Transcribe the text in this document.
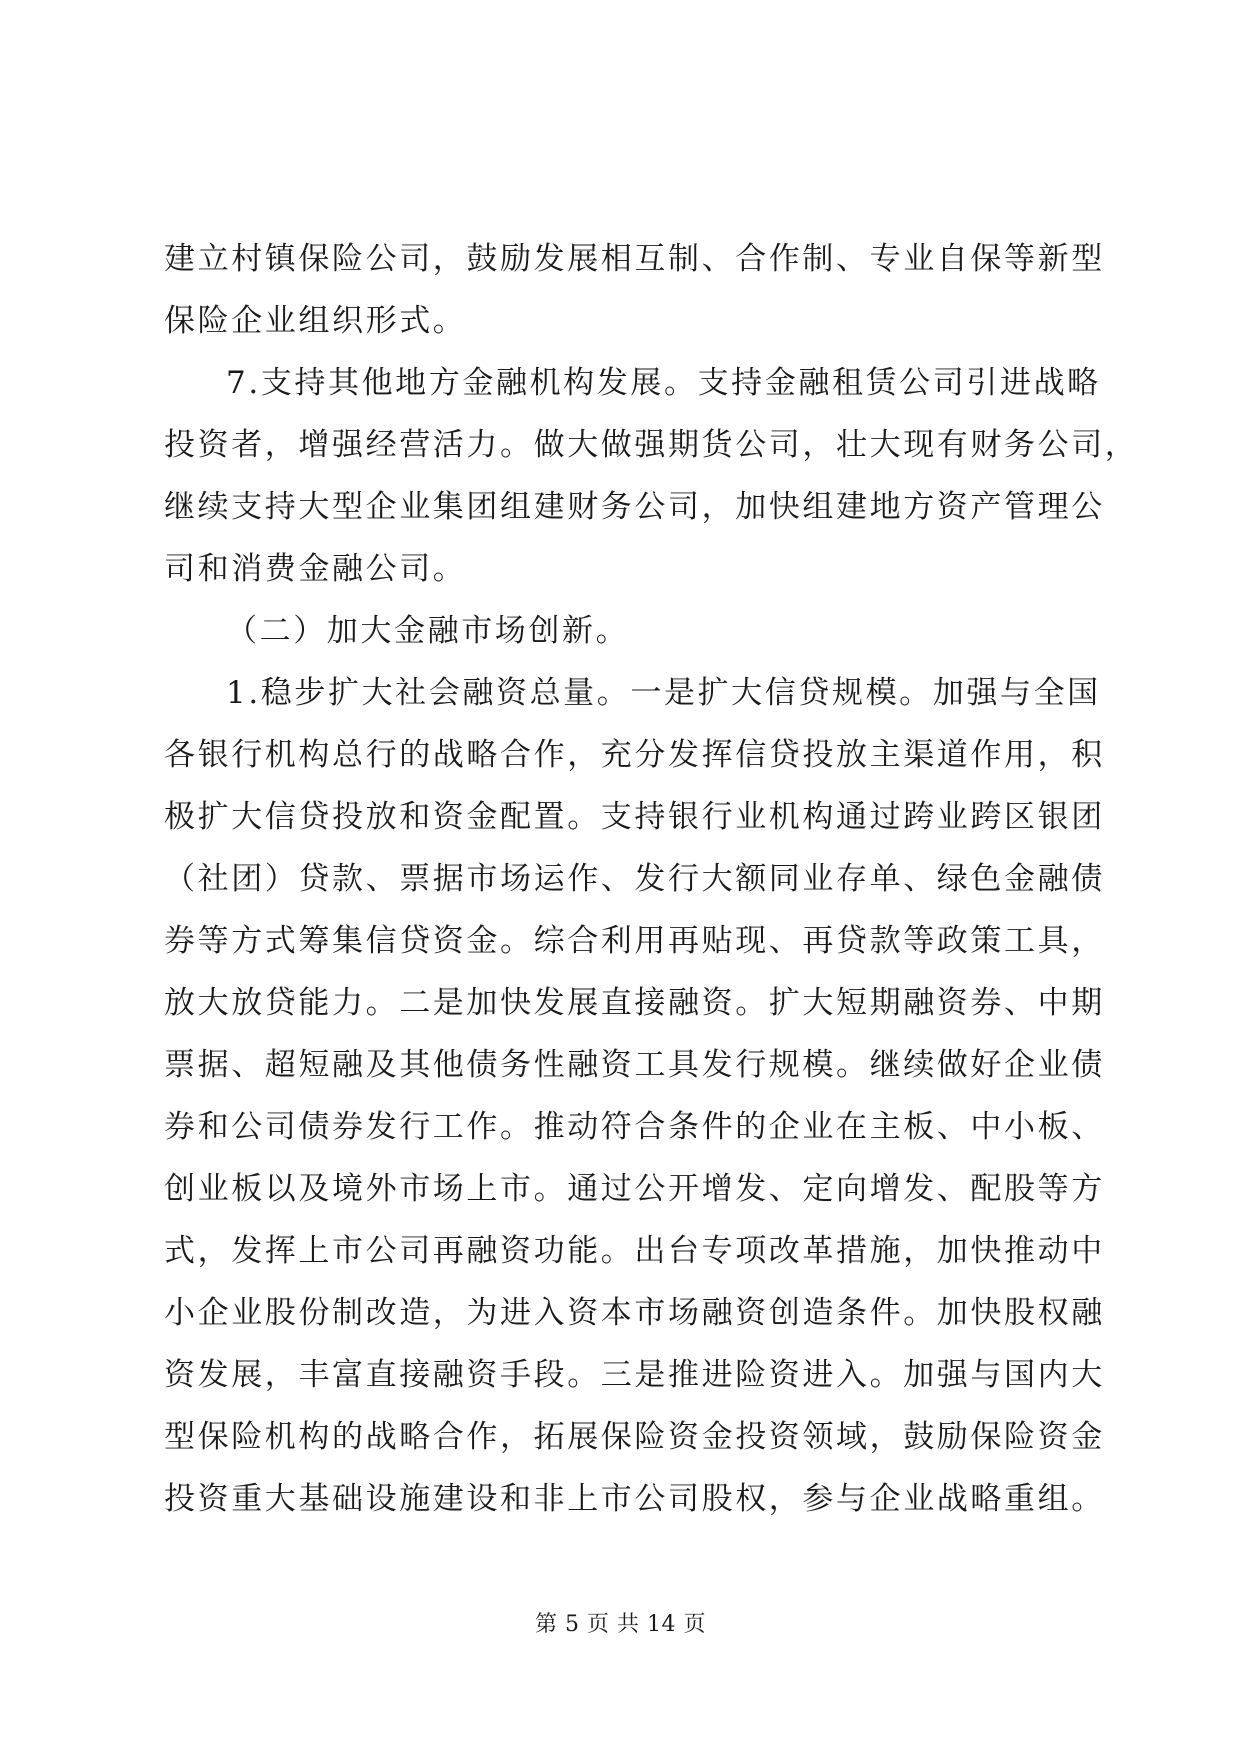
建立村镇保险公司，鼓励发展相互制、合作制、专业自保等新型
保险企业组织形式。
7.支持其他地方金融机构发展。支持金融租赁公司引进战略
投资者，增强经营活力。做大做强期货公司，壮大现有财务公司，
继续支持大型企业集团组建财务公司，加快组建地方资产管理公
司和消费金融公司。
（二）加大金融市场创新。
1.稳步扩大社会融资总量。一是扩大信贷规模。加强与全国
各银行机构总行的战略合作，充分发挥信贷投放主渠道作用，积
极扩大信贷投放和资金配置。支持银行业机构通过跨业跨区银团
（社团）贷款、票据市场运作、发行大额同业存单、绿色金融债
券等方式筹集信贷资金。综合利用再贴现、再贷款等政策工具，
放大放贷能力。二是加快发展直接融资。扩大短期融资券、中期
票据、超短融及其他债务性融资工具发行规模。继续做好企业债
券和公司债券发行工作。推动符合条件的企业在主板、中小板、
创业板以及境外市场上市。通过公开增发、定向增发、配股等方
式，发挥上市公司再融资功能。出台专项改革措施，加快推动中
小企业股份制改造，为进入资本市场融资创造条件。加快股权融
资发展，丰富直接融资手段。三是推进险资进入。加强与国内大
型保险机构的战略合作，拓展保险资金投资领域，鼓励保险资金
投资重大基础设施建设和非上市公司股权，参与企业战略重组。
第 5 页 共 14 页
